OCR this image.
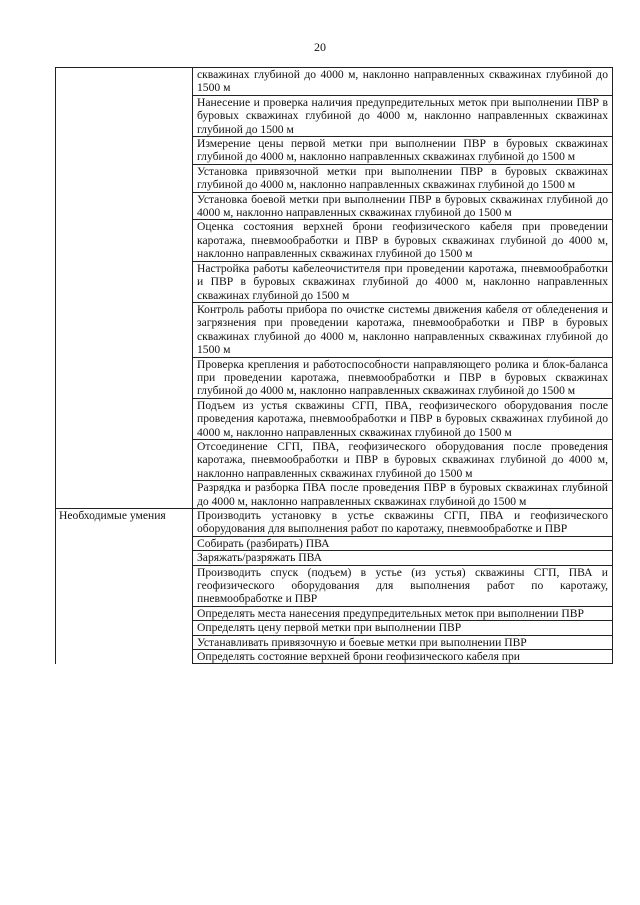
20
скважинах глубиной до 4000 м, наклонно направленных скважинах глубиной до 1500 м
Нанесение и проверка наличия предупредительных меток при выполнении ПВР в буровых скважинах глубиной до 4000 м, наклонно направленных скважинах глубиной до 1500 м
Измерение цены первой метки при выполнении ПВР в буровых скважинах глубиной до 4000 м, наклонно направленных скважинах глубиной до 1500 м
Установка привязочной метки при выполнении ПВР в буровых скважинах глубиной до 4000 м, наклонно направленных скважинах глубиной до 1500 м
Установка боевой метки при выполнении ПВР в буровых скважинах глубиной до 4000 м, наклонно направленных скважинах глубиной до 1500 м
Оценка состояния верхней брони геофизического кабеля при проведении каротажа, пневмообработки и ПВР в буровых скважинах глубиной до 4000 м, наклонно направленных скважинах глубиной до 1500 м
Настройка работы кабелеочистителя при проведении каротажа, пневмообработки и ПВР в буровых скважинах глубиной до 4000 м, наклонно направленных скважинах глубиной до 1500 м
Контроль работы прибора по очистке системы движения кабеля от обледенения и загрязнения при проведении каротажа, пневмообработки и ПВР в буровых скважинах глубиной до 4000 м, наклонно направленных скважинах глубиной до 1500 м
Проверка крепления и работоспособности направляющего ролика и блок-баланса при проведении каротажа, пневмообработки и ПВР в буровых скважинах глубиной до 4000 м, наклонно направленных скважинах глубиной до 1500 м
Подъем из устья скважины СГП, ПВА, геофизического оборудования после проведения каротажа, пневмообработки и ПВР в буровых скважинах глубиной до 4000 м, наклонно направленных скважинах глубиной до 1500 м
Отсоединение СГП, ПВА, геофизического оборудования после проведения каротажа, пневмообработки и ПВР в буровых скважинах глубиной до 4000 м, наклонно направленных скважинах глубиной до 1500 м
Разрядка и разборка ПВА после проведения ПВР в буровых скважинах глубиной до 4000 м, наклонно направленных скважинах глубиной до 1500 м
Необходимые умения	Производить установку в устье скважины СГП, ПВА и геофизического оборудования для выполнения работ по каротажу, пневмообработке и ПВР
Собирать (разбирать) ПВА
Заряжать/разряжать ПВА
Производить спуск (подъем) в устье (из устья) скважины СГП, ПВА и геофизического оборудования для выполнения работ по каротажу, пневмообработке и ПВР
Определять места нанесения предупредительных меток при выполнении ПВР
Определять цену первой метки при выполнении ПВР
Устанавливать привязочную и боевые метки при выполнении ПВР
Определять состояние верхней брони геофизического кабеля при
